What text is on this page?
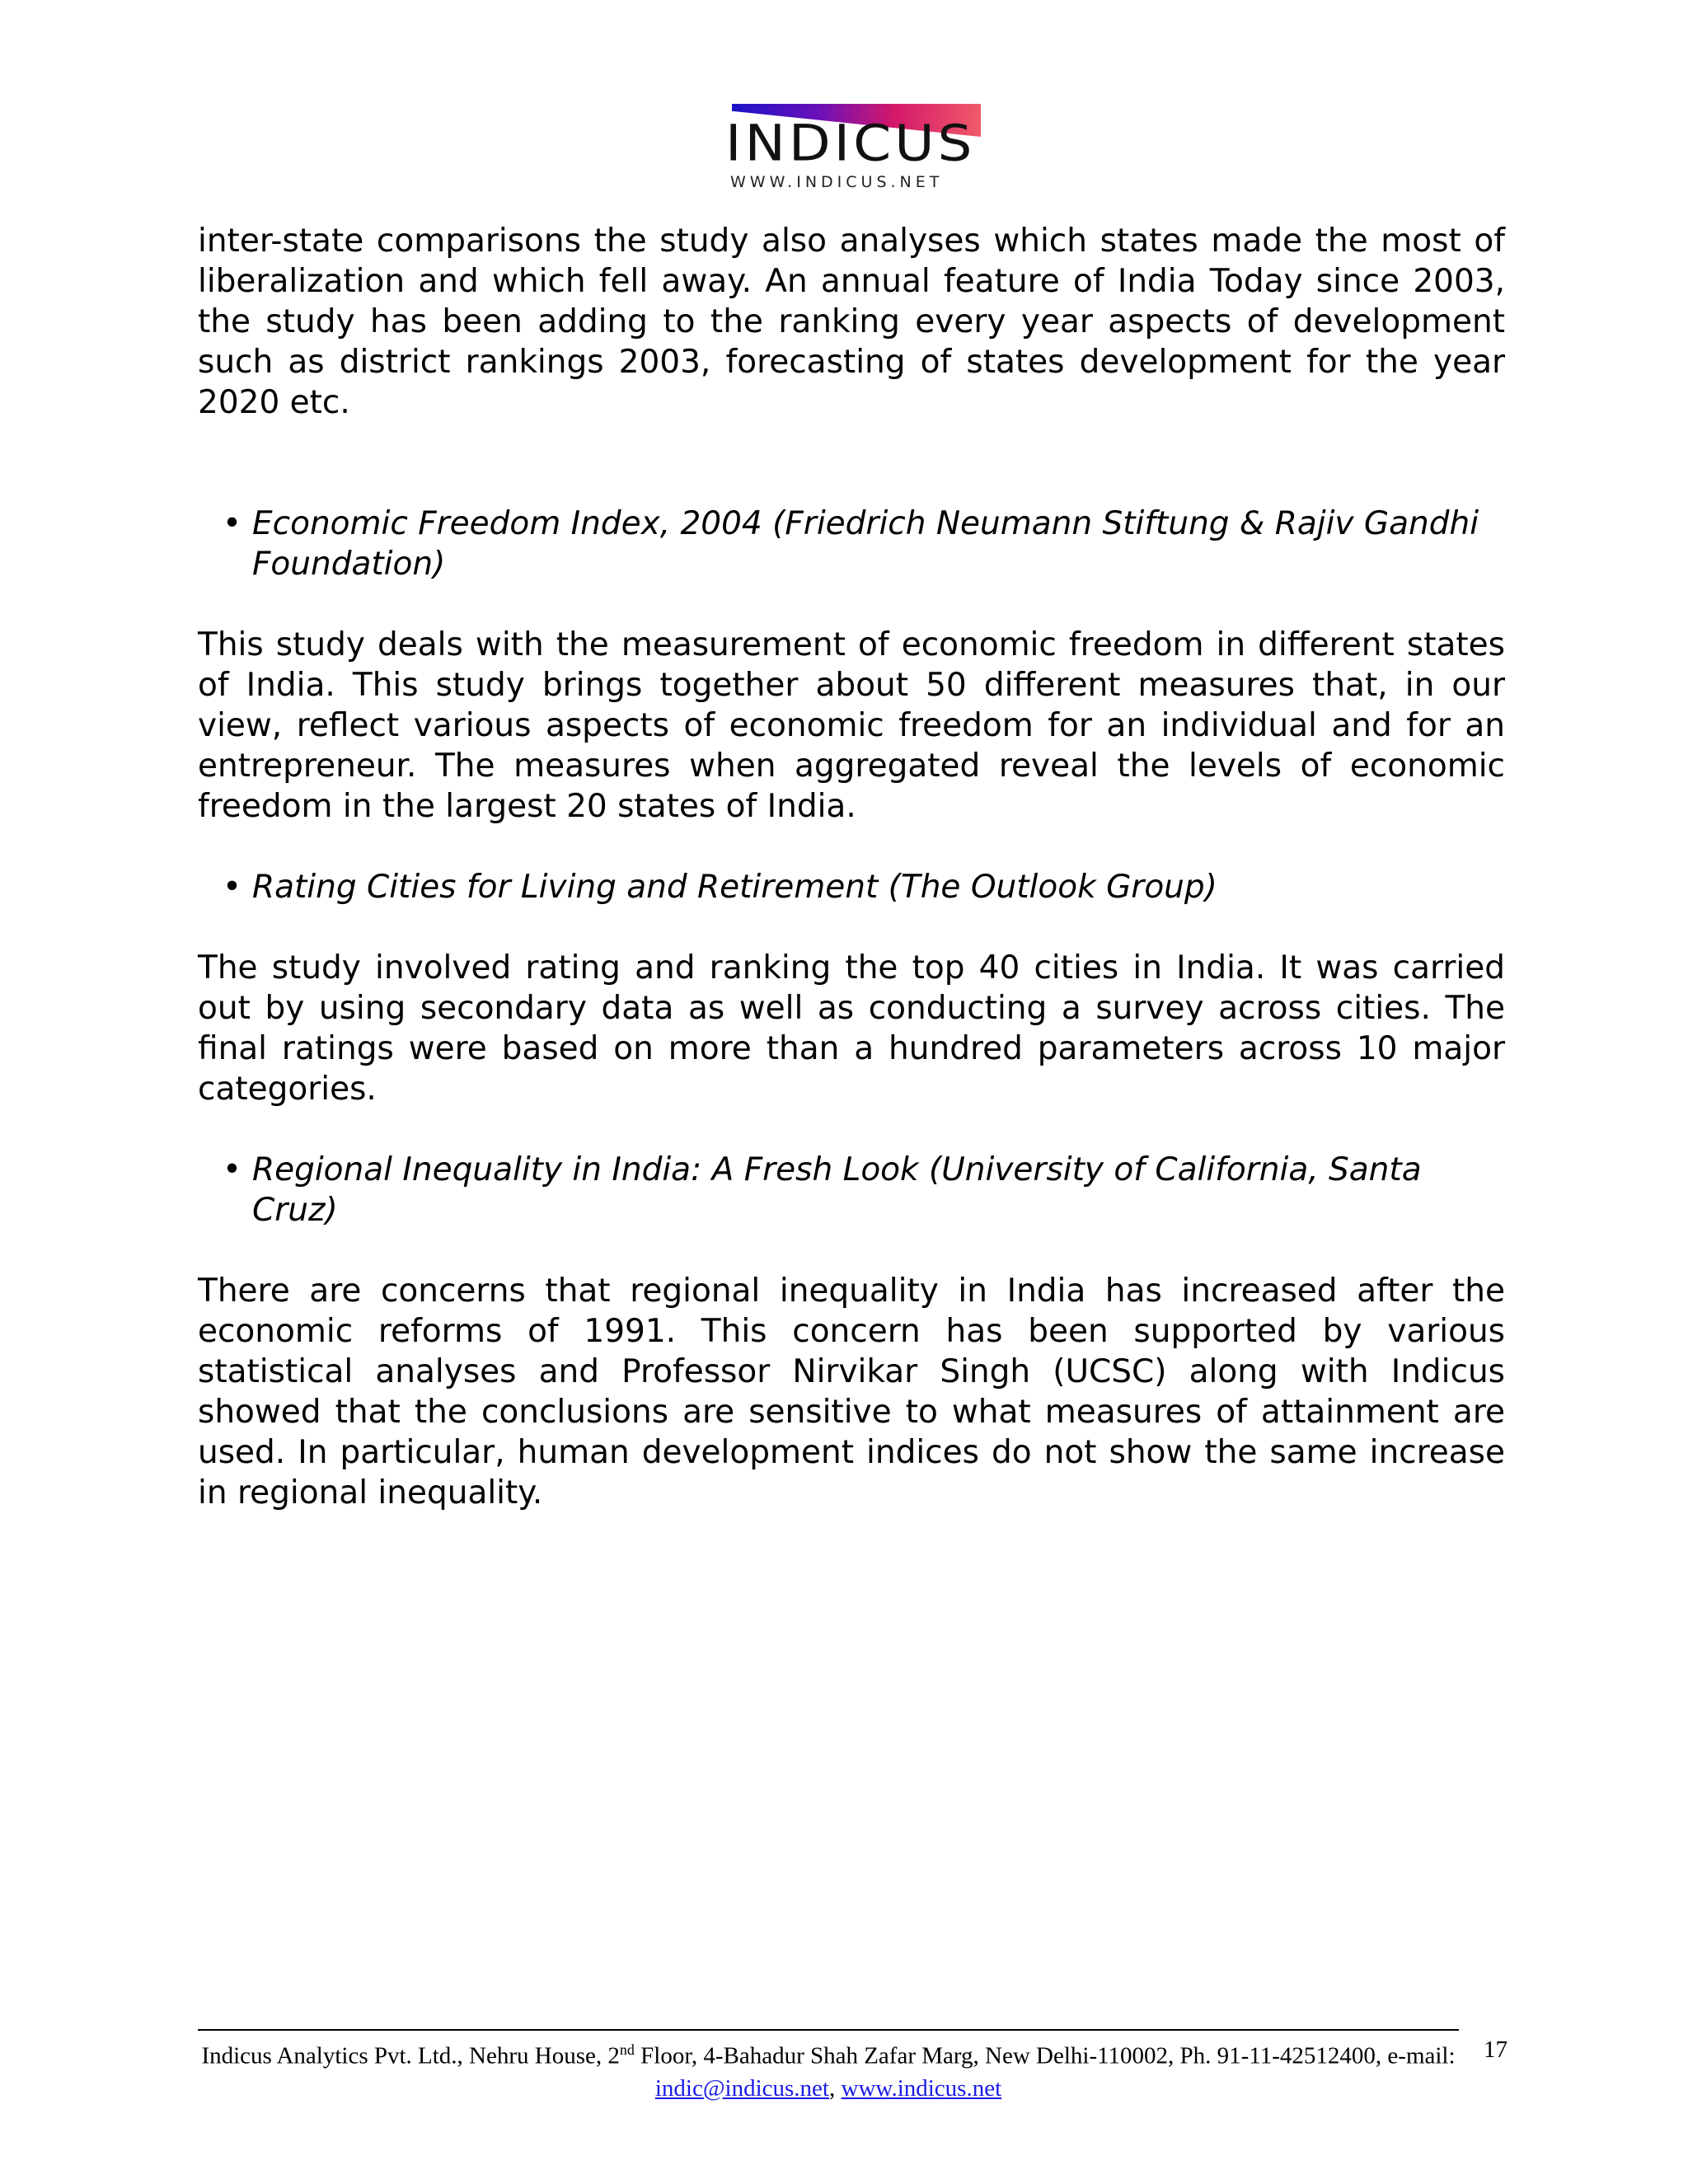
INDICUS
WWW.INDICUS.NET

inter-state comparisons the study also analyses which states made the most of liberalization and which fell away. An annual feature of India Today since 2003, the study has been adding to the ranking every year aspects of development such as district rankings 2003, forecasting of states development for the year 2020 etc.

• Economic Freedom Index, 2004 (Friedrich Neumann Stiftung & Rajiv Gandhi Foundation)

This study deals with the measurement of economic freedom in different states of India. This study brings together about 50 different measures that, in our view, reflect various aspects of economic freedom for an individual and for an entrepreneur. The measures when aggregated reveal the levels of economic freedom in the largest 20 states of India.

• Rating Cities for Living and Retirement (The Outlook Group)

The study involved rating and ranking the top 40 cities in India. It was carried out by using secondary data as well as conducting a survey across cities. The final ratings were based on more than a hundred parameters across 10 major categories.

• Regional Inequality in India: A Fresh Look (University of California, Santa Cruz)

There are concerns that regional inequality in India has increased after the economic reforms of 1991. This concern has been supported by various statistical analyses and Professor Nirvikar Singh (UCSC) along with Indicus showed that the conclusions are sensitive to what measures of attainment are used. In particular, human development indices do not show the same increase in regional inequality.

Indicus Analytics Pvt. Ltd., Nehru House, 2nd Floor, 4-Bahadur Shah Zafar Marg, New Delhi-110002, Ph. 91-11-42512400, e-mail: indic@indicus.net, www.indicus.net
17
